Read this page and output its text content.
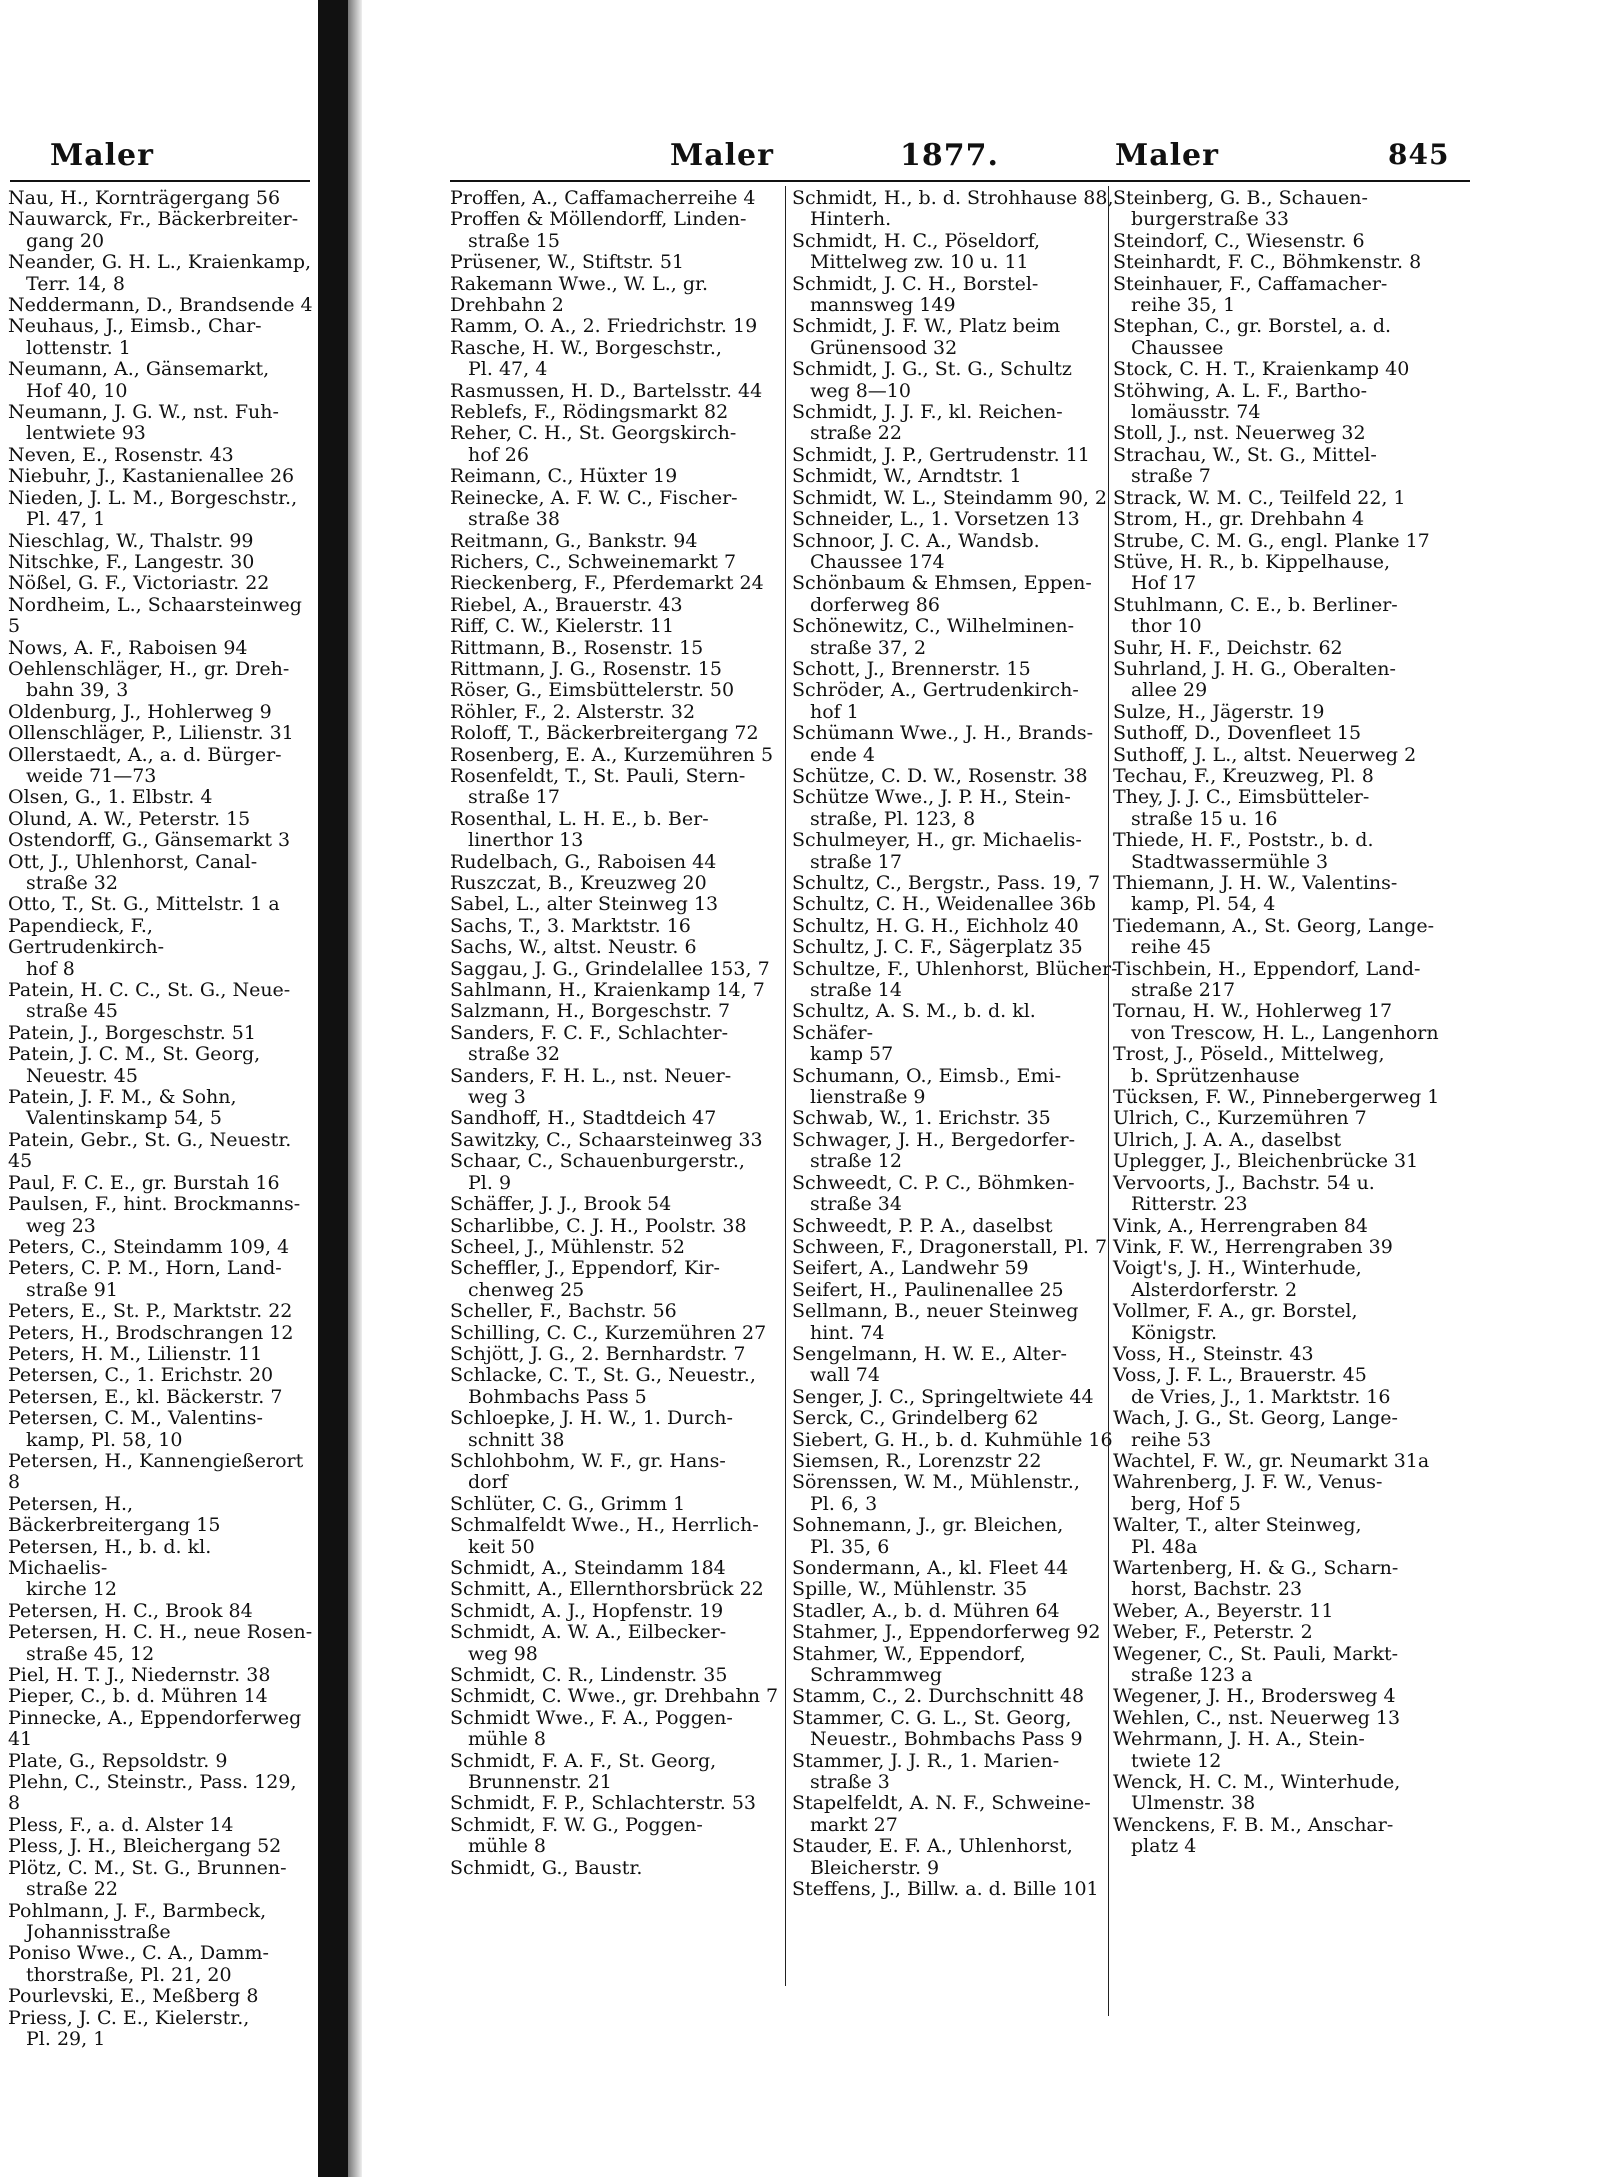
Maler
Nau, H., Kornträgergang 56
Nauwarck, Fr., Bäckerbreiter-
gang 20
Neander, G. H. L., Kraienkamp,
Terr. 14, 8
Neddermann, D., Brandsende 4
Neuhaus, J., Eimsb., Char-
lottenstr. 1
Neumann, A., Gänsemarkt,
Hof 40, 10
Neumann, J. G. W., nst. Fuh-
lentwiete 93
Neven, E., Rosenstr. 43
Niebuhr, J., Kastanienallee 26
Nieden, J. L. M., Borgeschstr.,
Pl. 47, 1
Nieschlag, W., Thalstr. 99
Nitschke, F., Langestr. 30
Nößel, G. F., Victoriastr. 22
Nordheim, L., Schaarsteinweg 5
Nows, A. F., Raboisen 94
Oehlenschläger, H., gr. Dreh-
bahn 39, 3
Oldenburg, J., Hohlerweg 9
Ollenschläger, P., Lilienstr. 31
Ollerstaedt, A., a. d. Bürger-
weide 71—73
Olsen, G., 1. Elbstr. 4
Olund, A. W., Peterstr. 15
Ostendorff, G., Gänsemarkt 3
Ott, J., Uhlenhorst, Canal-
straße 32
Otto, T., St. G., Mittelstr. 1 a
Papendieck, F., Gertrudenkirch-
hof 8
Patein, H. C. C., St. G., Neue-
straße 45
Patein, J., Borgeschstr. 51
Patein, J. C. M., St. Georg,
Neuestr. 45
Patein, J. F. M., & Sohn,
Valentinskamp 54, 5
Patein, Gebr., St. G., Neuestr. 45
Paul, F. C. E., gr. Burstah 16
Paulsen, F., hint. Brockmanns-
weg 23
Peters, C., Steindamm 109, 4
Peters, C. P. M., Horn, Land-
straße 91
Peters, E., St. P., Marktstr. 22
Peters, H., Brodschrangen 12
Peters, H. M., Lilienstr. 11
Petersen, C., 1. Erichstr. 20
Petersen, E., kl. Bäckerstr. 7
Petersen, C. M., Valentins-
kamp, Pl. 58, 10
Petersen, H., Kannengießerort 8
Petersen, H., Bäckerbreitergang 15
Petersen, H., b. d. kl. Michaelis-
kirche 12
Petersen, H. C., Brook 84
Petersen, H. C. H., neue Rosen-
straße 45, 12
Piel, H. T. J., Niedernstr. 38
Pieper, C., b. d. Mühren 14
Pinnecke, A., Eppendorferweg 41
Plate, G., Repsoldstr. 9
Plehn, C., Steinstr., Pass. 129, 8
Pless, F., a. d. Alster 14
Pless, J. H., Bleichergang 52
Plötz, C. M., St. G., Brunnen-
straße 22
Pohlmann, J. F., Barmbeck,
Johannisstraße
Poniso Wwe., C. A., Damm-
thorstraße, Pl. 21, 20
Pourlevski, E., Meßberg 8
Priess, J. C. E., Kielerstr.,
Pl. 29, 1
Maler	1877.	Maler	845
Proffen, A., Caffamacherreihe 4
Proffen & Möllendorff, Linden-
straße 15
Prüsener, W., Stiftstr. 51
Rakemann Wwe., W. L., gr.
Drehbahn 2
Ramm, O. A., 2. Friedrichstr. 19
Rasche, H. W., Borgeschstr.,
Pl. 47, 4
Rasmussen, H. D., Bartelsstr. 44
Reblefs, F., Rödingsmarkt 82
Reher, C. H., St. Georgskirch-
hof 26
Reimann, C., Hüxter 19
Reinecke, A. F. W. C., Fischer-
straße 38
Reitmann, G., Bankstr. 94
Richers, C., Schweinemarkt 7
Rieckenberg, F., Pferdemarkt 24
Riebel, A., Brauerstr. 43
Riff, C. W., Kielerstr. 11
Rittmann, B., Rosenstr. 15
Rittmann, J. G., Rosenstr. 15
Röser, G., Eimsbüttelerstr. 50
Röhler, F., 2. Alsterstr. 32
Roloff, T., Bäckerbreitergang 72
Rosenberg, E. A., Kurzemühren 5
Rosenfeldt, T., St. Pauli, Stern-
straße 17
Rosenthal, L. H. E., b. Ber-
linerthor 13
Rudelbach, G., Raboisen 44
Ruszczat, B., Kreuzweg 20
Sabel, L., alter Steinweg 13
Sachs, T., 3. Marktstr. 16
Sachs, W., altst. Neustr. 6
Saggau, J. G., Grindelallee 153, 7
Sahlmann, H., Kraienkamp 14, 7
Salzmann, H., Borgeschstr. 7
Sanders, F. C. F., Schlachter-
straße 32
Sanders, F. H. L., nst. Neuer-
weg 3
Sandhoff, H., Stadtdeich 47
Sawitzky, C., Schaarsteinweg 33
Schaar, C., Schauenburgerstr.,
Pl. 9
Schäffer, J. J., Brook 54
Scharlibbe, C. J. H., Poolstr. 38
Scheel, J., Mühlenstr. 52
Scheffler, J., Eppendorf, Kir-
chenweg 25
Scheller, F., Bachstr. 56
Schilling, C. C., Kurzemühren 27
Schjött, J. G., 2. Bernhardstr. 7
Schlacke, C. T., St. G., Neuestr.,
Bohmbachs Pass 5
Schloepke, J. H. W., 1. Durch-
schnitt 38
Schlohbohm, W. F., gr. Hans-
dorf
Schlüter, C. G., Grimm 1
Schmalfeldt Wwe., H., Herrlich-
keit 50
Schmidt, A., Steindamm 184
Schmitt, A., Ellernthorsbrück 22
Schmidt, A. J., Hopfenstr. 19
Schmidt, A. W. A., Eilbecker-
weg 98
Schmidt, C. R., Lindenstr. 35
Schmidt, C. Wwe., gr. Drehbahn 7
Schmidt Wwe., F. A., Poggen-
mühle 8
Schmidt, F. A. F., St. Georg,
Brunnenstr. 21
Schmidt, F. P., Schlachterstr. 53
Schmidt, F. W. G., Poggen-
mühle 8
Schmidt, G., Baustr.
Schmidt, H., b. d. Strohhause 88,
Hinterh.
Schmidt, H. C., Pöseldorf,
Mittelweg zw. 10 u. 11
Schmidt, J. C. H., Borstel-
mannsweg 149
Schmidt, J. F. W., Platz beim
Grünensood 32
Schmidt, J. G., St. G., Schultz
weg 8—10
Schmidt, J. J. F., kl. Reichen-
straße 22
Schmidt, J. P., Gertrudenstr. 11
Schmidt, W., Arndtstr. 1
Schmidt, W. L., Steindamm 90, 2
Schneider, L., 1. Vorsetzen 13
Schnoor, J. C. A., Wandsb.
Chaussee 174
Schönbaum & Ehmsen, Eppen-
dorferweg 86
Schönewitz, C., Wilhelminen-
straße 37, 2
Schott, J., Brennerstr. 15
Schröder, A., Gertrudenkirch-
hof 1
Schümann Wwe., J. H., Brands-
ende 4
Schütze, C. D. W., Rosenstr. 38
Schütze Wwe., J. P. H., Stein-
straße, Pl. 123, 8
Schulmeyer, H., gr. Michaelis-
straße 17
Schultz, C., Bergstr., Pass. 19, 7
Schultz, C. H., Weidenallee 36b
Schultz, H. G. H., Eichholz 40
Schultz, J. C. F., Sägerplatz 35
Schultze, F., Uhlenhorst, Blücher-
straße 14
Schultz, A. S. M., b. d. kl. Schäfer-
kamp 57
Schumann, O., Eimsb., Emi-
lienstraße 9
Schwab, W., 1. Erichstr. 35
Schwager, J. H., Bergedorfer-
straße 12
Schweedt, C. P. C., Böhmken-
straße 34
Schweedt, P. P. A., daselbst
Schween, F., Dragonerstall, Pl. 7
Seifert, A., Landwehr 59
Seifert, H., Paulinenallee 25
Sellmann, B., neuer Steinweg
hint. 74
Sengelmann, H. W. E., Alter-
wall 74
Senger, J. C., Springeltwiete 44
Serck, C., Grindelberg 62
Siebert, G. H., b. d. Kuhmühle 16
Siemsen, R., Lorenzstr 22
Sörenssen, W. M., Mühlenstr.,
Pl. 6, 3
Sohnemann, J., gr. Bleichen,
Pl. 35, 6
Sondermann, A., kl. Fleet 44
Spille, W., Mühlenstr. 35
Stadler, A., b. d. Mühren 64
Stahmer, J., Eppendorferweg 92
Stahmer, W., Eppendorf,
Schrammweg
Stamm, C., 2. Durchschnitt 48
Stammer, C. G. L., St. Georg,
Neuestr., Bohmbachs Pass 9
Stammer, J. J. R., 1. Marien-
straße 3
Stapelfeldt, A. N. F., Schweine-
markt 27
Stauder, E. F. A., Uhlenhorst,
Bleicherstr. 9
Steffens, J., Billw. a. d. Bille 101
Steinberg, G. B., Schauen-
burgerstraße 33
Steindorf, C., Wiesenstr. 6
Steinhardt, F. C., Böhmkenstr. 8
Steinhauer, F., Caffamacher-
reihe 35, 1
Stephan, C., gr. Borstel, a. d.
Chaussee
Stock, C. H. T., Kraienkamp 40
Stöhwing, A. L. F., Bartho-
lomäusstr. 74
Stoll, J., nst. Neuerweg 32
Strachau, W., St. G., Mittel-
straße 7
Strack, W. M. C., Teilfeld 22, 1
Strom, H., gr. Drehbahn 4
Strube, C. M. G., engl. Planke 17
Stüve, H. R., b. Kippelhause,
Hof 17
Stuhlmann, C. E., b. Berliner-
thor 10
Suhr, H. F., Deichstr. 62
Suhrland, J. H. G., Oberalten-
allee 29
Sulze, H., Jägerstr. 19
Suthoff, D., Dovenfleet 15
Suthoff, J. L., altst. Neuerweg 2
Techau, F., Kreuzweg, Pl. 8
They, J. J. C., Eimsbütteler-
straße 15 u. 16
Thiede, H. F., Poststr., b. d.
Stadtwassermühle 3
Thiemann, J. H. W., Valentins-
kamp, Pl. 54, 4
Tiedemann, A., St. Georg, Lange-
reihe 45
Tischbein, H., Eppendorf, Land-
straße 217
Tornau, H. W., Hohlerweg 17
von Trescow, H. L., Langenhorn
Trost, J., Pöseld., Mittelweg,
b. Sprützenhause
Tücksen, F. W., Pinnebergerweg 1
Ulrich, C., Kurzemühren 7
Ulrich, J. A. A., daselbst
Uplegger, J., Bleichenbrücke 31
Vervoorts, J., Bachstr. 54 u.
Ritterstr. 23
Vink, A., Herrengraben 84
Vink, F. W., Herrengraben 39
Voigt's, J. H., Winterhude,
Alsterdorferstr. 2
Vollmer, F. A., gr. Borstel,
Königstr.
Voss, H., Steinstr. 43
Voss, J. F. L., Brauerstr. 45
de Vries, J., 1. Marktstr. 16
Wach, J. G., St. Georg, Lange-
reihe 53
Wachtel, F. W., gr. Neumarkt 31a
Wahrenberg, J. F. W., Venus-
berg, Hof 5
Walter, T., alter Steinweg,
Pl. 48a
Wartenberg, H. & G., Scharn-
horst, Bachstr. 23
Weber, A., Beyerstr. 11
Weber, F., Peterstr. 2
Wegener, C., St. Pauli, Markt-
straße 123 a
Wegener, J. H., Brodersweg 4
Wehlen, C., nst. Neuerweg 13
Wehrmann, J. H. A., Stein-
twiete 12
Wenck, H. C. M., Winterhude,
Ulmenstr. 38
Wenckens, F. B. M., Anschar-
platz 4
